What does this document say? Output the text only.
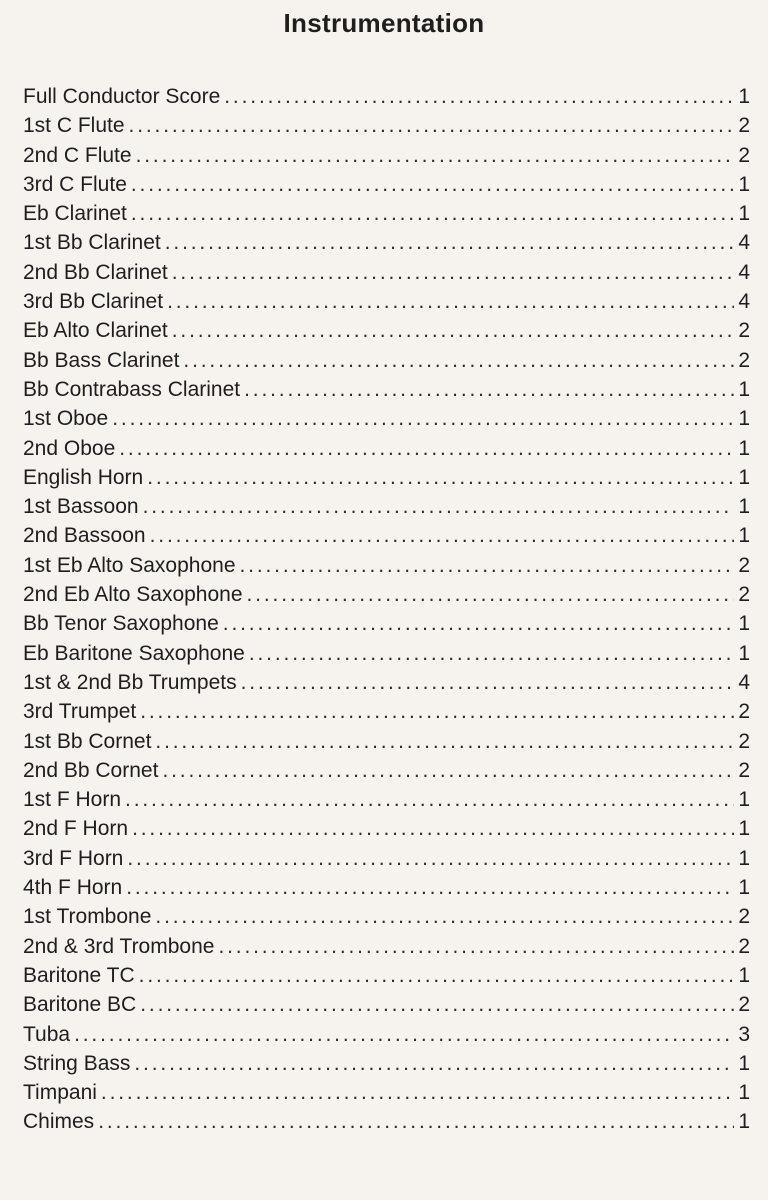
Instrumentation
Full Conductor Score . . .	1
1st C Flute . . .	2
2nd C Flute . . .	2
3rd C Flute . . .	1
Eb Clarinet . . .	1
1st Bb Clarinet . . .	4
2nd Bb Clarinet . . .	4
3rd Bb Clarinet . . .	4
Eb Alto Clarinet . . .	2
Bb Bass Clarinet . . .	2
Bb Contrabass Clarinet . . .	1
1st Oboe . . .	1
2nd Oboe . . .	1
English Horn . . .	1
1st Bassoon . . .	1
2nd Bassoon . . .	1
1st Eb Alto Saxophone . . .	2
2nd Eb Alto Saxophone . . .	2
Bb Tenor Saxophone . . .	1
Eb Baritone Saxophone . . .	1
1st & 2nd Bb Trumpets . . .	4
3rd Trumpet . . .	2
1st Bb Cornet . . .	2
2nd Bb Cornet . . .	2
1st F Horn . . .	1
2nd F Horn . . .	1
3rd F Horn . . .	1
4th F Horn . . .	1
1st Trombone . . .	2
2nd & 3rd Trombone . . .	2
Baritone TC . . .	1
Baritone BC . . .	2
Tuba . . .	3
String Bass . . .	1
Timpani . . .	1
Chimes . . .	1
